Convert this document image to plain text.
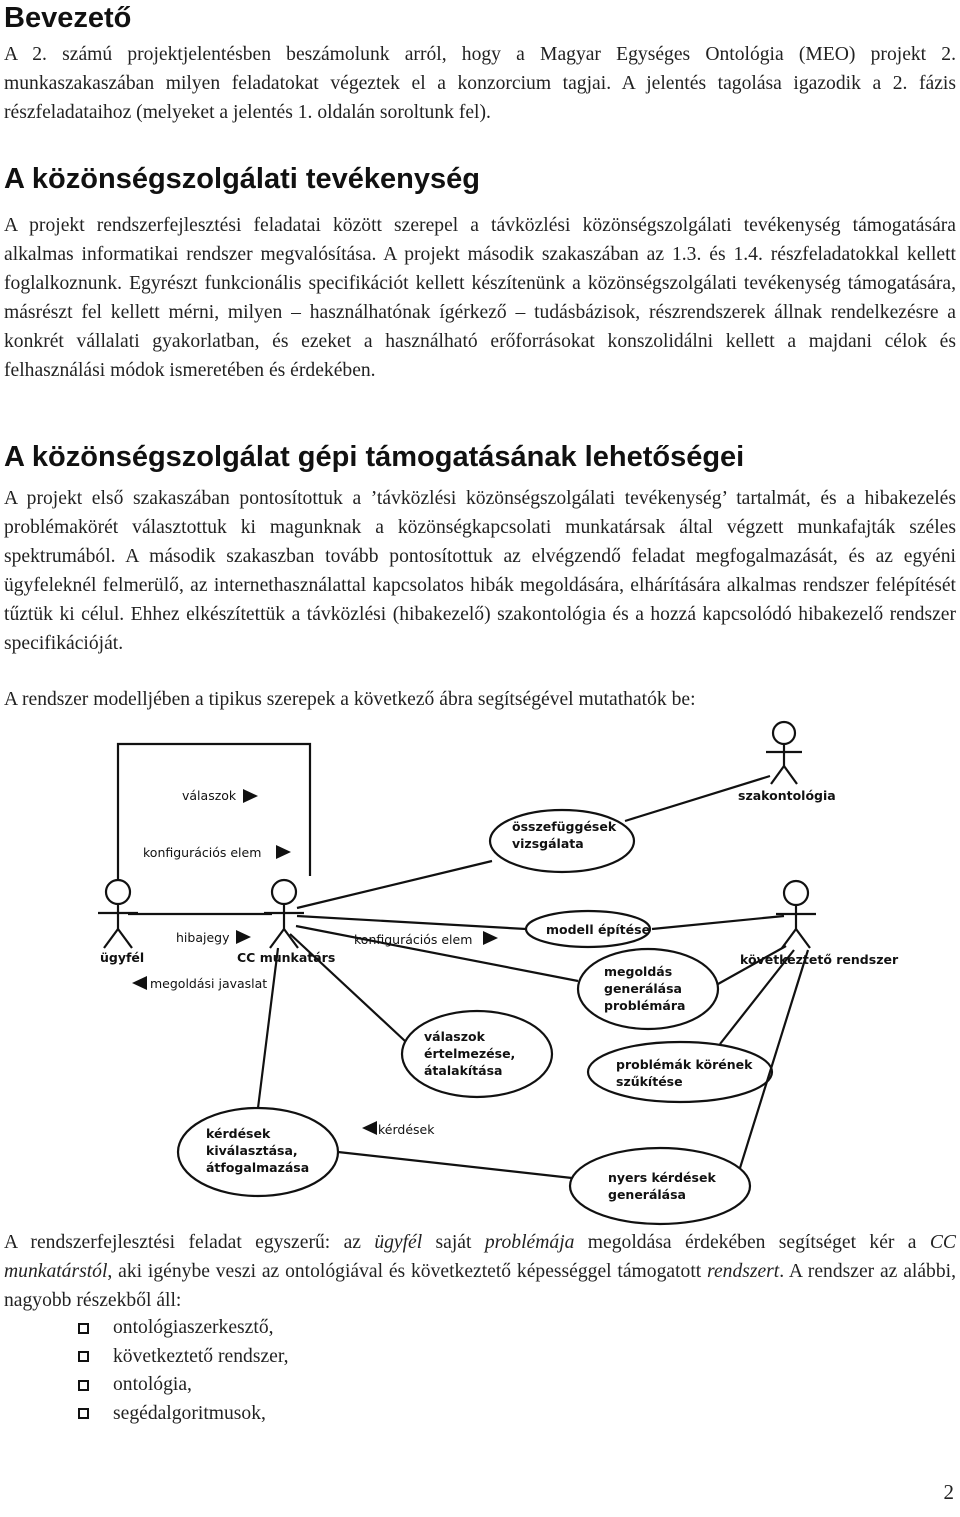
Bevezető

A 2. számú projektjelentésben beszámolunk arról, hogy a Magyar Egységes Ontológia (MEO) projekt 2. munkaszakaszában milyen feladatokat végeztek el a konzorcium tagjai. A jelentés tagolása igazodik a 2. fázis részfeladataihoz (melyeket a jelentés 1. oldalán soroltunk fel).

A közönségszolgálati tevékenység

A projekt rendszerfejlesztési feladatai között szerepel a távközlési közönségszolgálati tevékenység támogatására alkalmas informatikai rendszer megvalósítása. A projekt második szakaszában az 1.3. és 1.4. részfeladatokkal kellett foglalkoznunk. Egyrészt funkcionális specifikációt kellett készítenünk a közönségszolgálati tevékenység támogatására, másrészt fel kellett mérni, milyen – használhatónak ígérkező – tudásbázisok, részrendszerek állnak rendelkezésre a konkrét vállalati gyakorlatban, és ezeket a használható erőforrásokat konszolidálni kellett a majdani célok és felhasználási módok ismeretében és érdekében.

A közönségszolgálat gépi támogatásának lehetőségei

A projekt első szakaszában pontosítottuk a ’távközlési közönségszolgálati tevékenység’ tartalmát, és a hibakezelés problémakörét választottuk ki magunknak a közönségkapcsolati munkatársak által végzett munkafajták széles spektrumából. A második szakaszban tovább pontosítottuk az elvégzendő feladat megfogalmazását, és az egyéni ügyfeleknél felmerülő, az internethasználattal kapcsolatos hibák megoldására, elhárítására alkalmas rendszer felépítését tűztük ki célul. Ehhez elkészítettük a távközlési (hibakezelő) szakontológia és a hozzá kapcsolódó hibakezelő rendszer specifikációját.

A rendszer modelljében a tipikus szerepek a következő ábra segítségével mutathatók be:

ügyfél	CC munkatárs
szakontológia
következtető rendszer
összefüggések
vizsgálata
modell építése
megoldás
generálása
problémára
válaszok
értelmezése,
átalakítása	problémák körének
szűkítése
kérdések
kiválasztása,
átfogalmazása
nyers kérdések
generálása
válaszok
konfigurációs elem
hibajegy
megoldási javaslat
konfigurációs elem
kérdések

A rendszerfejlesztési feladat egyszerű: az ügyfél saját problémája megoldása érdekében segítséget kér a CC munkatárstól, aki igénybe veszi az ontológiával és következtető képességgel támogatott rendszert. A rendszer az alábbi, nagyobb részekből áll:

ontológiaszerkesztő,
következtető rendszer,
ontológia,
segédalgoritmusok,
2
